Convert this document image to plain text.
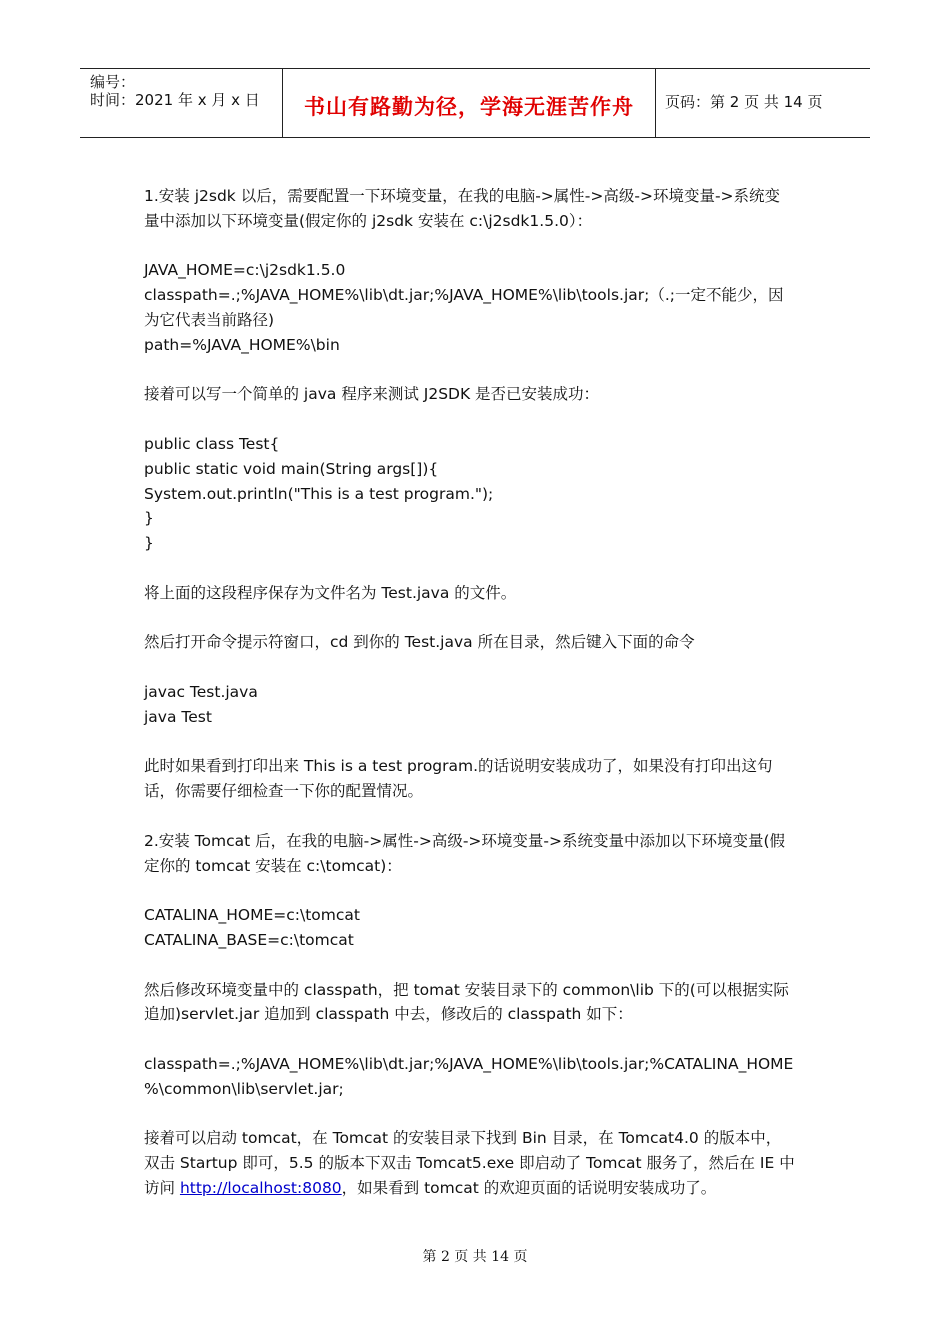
编号：
时间：2021 年 x 月 x 日	书山有路勤为径，学海无涯苦作舟	页码：第 2 页 共 14 页

1.安装 j2sdk 以后，需要配置一下环境变量，在我的电脑->属性->高级->环境变量->系统变
量中添加以下环境变量(假定你的 j2sdk 安装在 c:\j2sdk1.5.0）：

JAVA_HOME=c:\j2sdk1.5.0
classpath=.;%JAVA_HOME%\lib\dt.jar;%JAVA_HOME%\lib\tools.jar;（.;一定不能少，因
为它代表当前路径)
path=%JAVA_HOME%\bin

接着可以写一个简单的 java 程序来测试 J2SDK 是否已安装成功：

public class Test{
public static void main(String args[]){
System.out.println("This is a test program.");
}
}

将上面的这段程序保存为文件名为 Test.java 的文件。

然后打开命令提示符窗口，cd 到你的 Test.java 所在目录，然后键入下面的命令

javac Test.java
java Test

此时如果看到打印出来 This is a test program.的话说明安装成功了，如果没有打印出这句
话，你需要仔细检查一下你的配置情况。

2.安装 Tomcat 后，在我的电脑->属性->高级->环境变量->系统变量中添加以下环境变量(假
定你的 tomcat 安装在 c:\tomcat)：

CATALINA_HOME=c:\tomcat
CATALINA_BASE=c:\tomcat

然后修改环境变量中的 classpath，把 tomat 安装目录下的 common\lib 下的(可以根据实际
追加)servlet.jar 追加到 classpath 中去，修改后的 classpath 如下：

classpath=.;%JAVA_HOME%\lib\dt.jar;%JAVA_HOME%\lib\tools.jar;%CATALINA_HOME
%\common\lib\servlet.jar;

接着可以启动 tomcat，在 Tomcat 的安装目录下找到 Bin 目录，在 Tomcat4.0 的版本中，
双击 Startup 即可，5.5 的版本下双击 Tomcat5.exe 即启动了 Tomcat 服务了，然后在 IE 中
访问 http://localhost:8080，如果看到 tomcat 的欢迎页面的话说明安装成功了。

第 2 页 共 14 页
